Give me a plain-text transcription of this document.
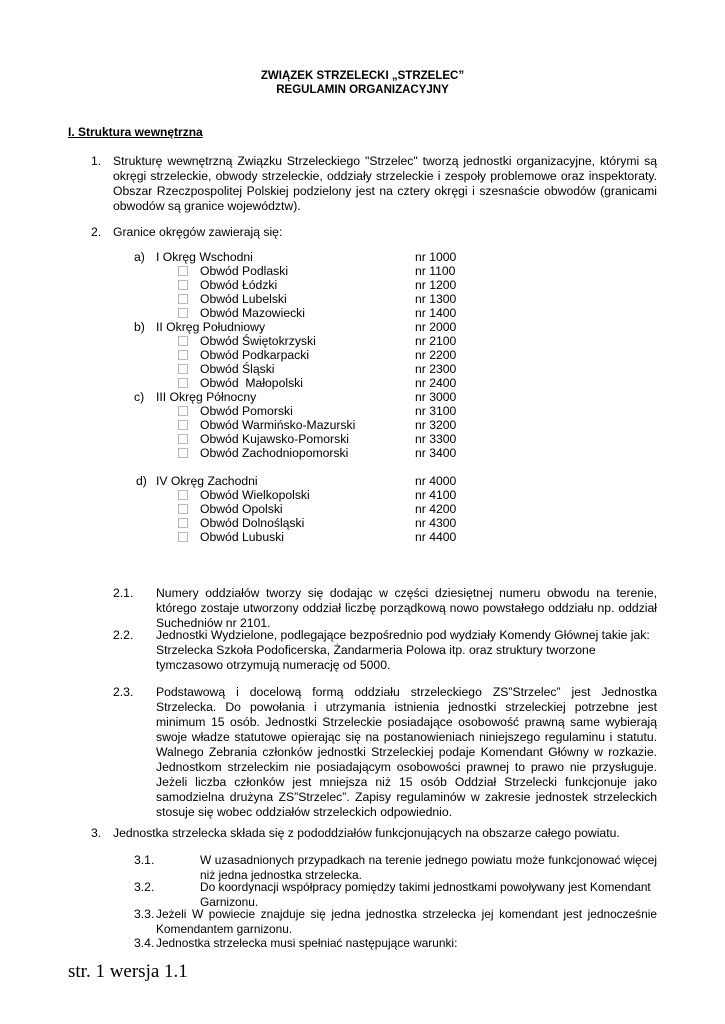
ZWIĄZEK STRZELECKI „STRZELEC”
REGULAMIN ORGANIZACYJNY
I. Struktura wewnętrzna
1. Strukturę wewnętrzną Związku Strzeleckiego "Strzelec" tworzą jednostki organizacyjne, którymi są okręgi strzeleckie, obwody strzeleckie, oddziały strzeleckie i zespoły problemowe oraz inspektoraty. Obszar Rzeczpospolitej Polskiej podzielony jest na cztery okręgi i szesnaście obwodów (granicami obwodów są granice województw).
2. Granice okręgów zawierają się:
a) I Okręg Wschodni	nr 1000
Obwód Podlaski	nr 1100
Obwód Łódzki	nr 1200
Obwód Lubelski	nr 1300
Obwód Mazowiecki	nr 1400
b) II Okręg Południowy	nr 2000
Obwód Świętokrzyski	nr 2100
Obwód Podkarpacki	nr 2200
Obwód Śląski	nr 2300
Obwód  Małopolski	nr 2400
c) III Okręg Północny	nr 3000
Obwód Pomorski	nr 3100
Obwód Warmińsko-Mazurski	nr 3200
Obwód Kujawsko-Pomorski	nr 3300
Obwód Zachodniopomorski	nr 3400
d) IV Okręg Zachodni	nr 4000
Obwód Wielkopolski	nr 4100
Obwód Opolski	nr 4200
Obwód Dolnośląski	nr 4300
Obwód Lubuski	nr 4400
2.1. Numery oddziałów tworzy się dodając w części dziesiętnej numeru obwodu na terenie, którego zostaje utworzony oddział liczbę porządkową nowo powstałego oddziału np. oddział Suchedniów nr 2101.
2.2. Jednostki Wydzielone, podlegające bezpośrednio pod wydziały Komendy Głównej takie jak: Strzelecka Szkoła Podoficerska, Żandarmeria Polowa itp. oraz struktury tworzone tymczasowo otrzymują numerację od 5000.
2.3. Podstawową i docelową formą oddziału strzeleckiego ZS”Strzelec” jest Jednostka Strzelecka. Do powołania i utrzymania istnienia jednostki strzeleckiej potrzebne jest minimum 15 osób. Jednostki Strzeleckie posiadające osobowość prawną same wybierają swoje władze statutowe opierając się na postanowieniach niniejszego regulaminu i statutu. Walnego Zebrania członków jednostki Strzeleckiej podaje Komendant Główny w rozkazie. Jednostkom strzeleckim nie posiadającym osobowości prawnej to prawo nie przysługuje. Jeżeli liczba członków jest mniejsza niż 15 osób Oddział Strzelecki funkcjonuje jako samodzielna drużyna ZS”Strzelec”. Zapisy regulaminów w zakresie jednostek strzeleckich stosuje się wobec oddziałów strzeleckich odpowiednio.
3. Jednostka strzelecka składa się z pododdziałów funkcjonujących na obszarze całego powiatu.
3.1.	W uzasadnionych przypadkach na terenie jednego powiatu może funkcjonować więcej niż jedna jednostka strzelecka.
3.2.	Do koordynacji współpracy pomiędzy takimi jednostkami powoływany jest Komendant Garnizonu.
3.3. Jeżeli W powiecie znajduje się jedna jednostka strzelecka jej komendant jest jednocześnie Komendantem garnizonu.
3.4. Jednostka strzelecka musi spełniać następujące warunki:
str. 1 wersja 1.1
